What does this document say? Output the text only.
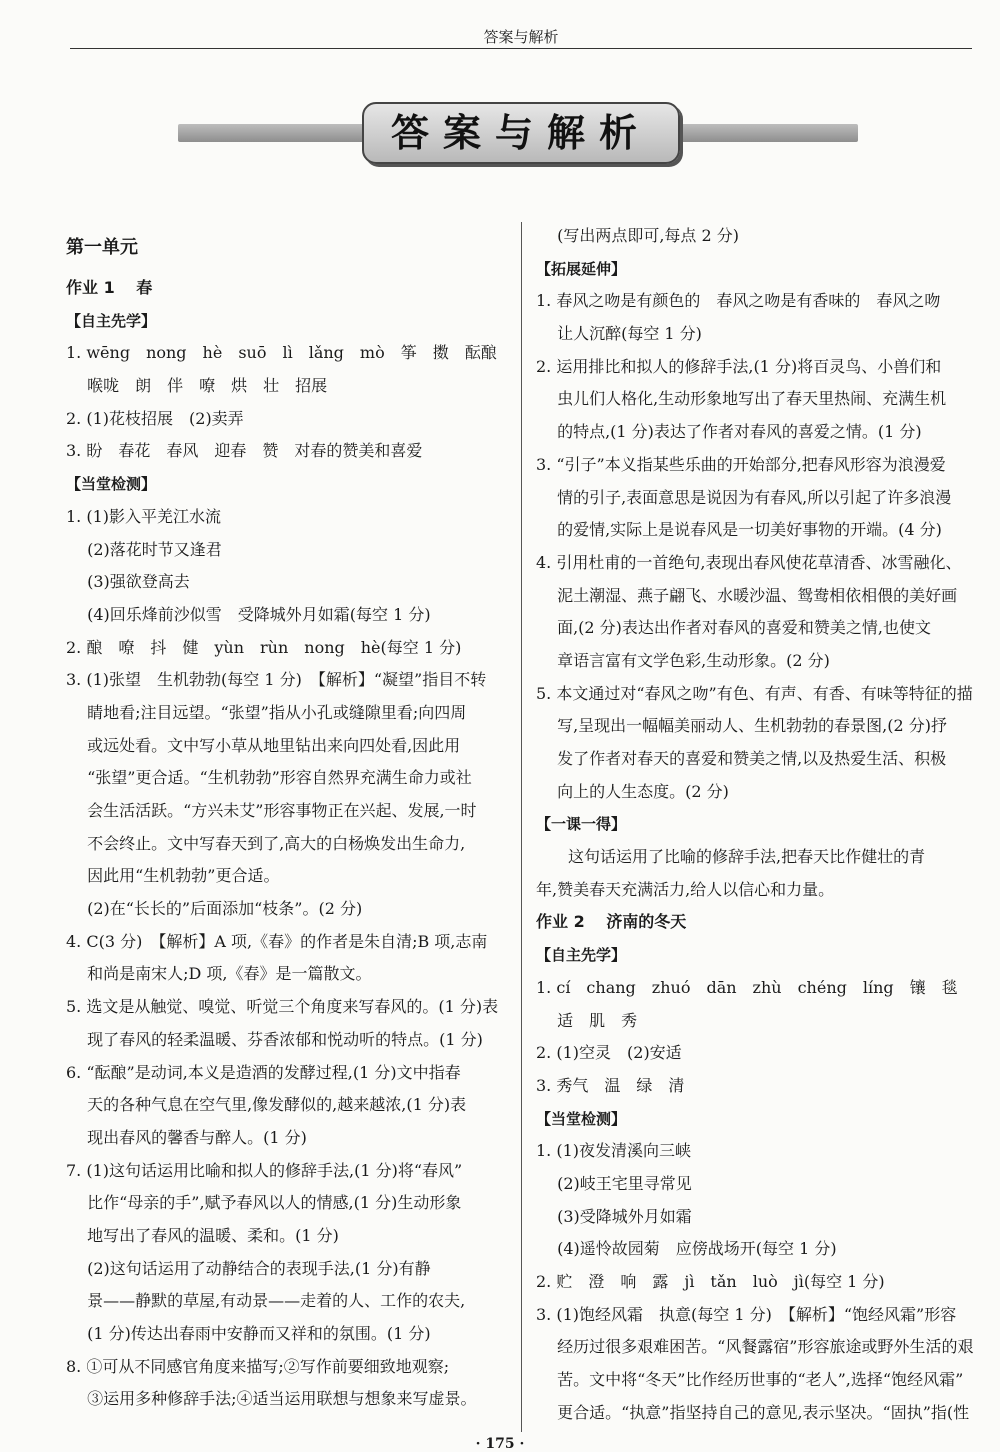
答案与解析
答案与解析
第一单元
作业 1　 春
【自主先学】
1. wēng　nong　hè　suō　lì　lǎng　mò　筝　擞　酝酿
　 喉咙　朗　伴　嘹　烘　壮　招展
2. (1)花枝招展　(2)卖弄
3. 盼　春花　春风　迎春　赞　对春的赞美和喜爱
【当堂检测】
1. (1)影入平羌江水流
　 (2)落花时节又逢君
　 (3)强欲登高去
　 (4)回乐烽前沙似雪　受降城外月如霜(每空 1 分)
2. 酿　嘹　抖　健　yùn　rùn　nong　hè(每空 1 分)
3. (1)张望　生机勃勃(每空 1 分)　【解析】“凝望”指目不转
　 睛地看;注目远望。“张望”指从小孔或缝隙里看;向四周
　 或远处看。文中写小草从地里钻出来向四处看,因此用
　 “张望”更合适。“生机勃勃”形容自然界充满生命力或社
　 会生活活跃。“方兴未艾”形容事物正在兴起、发展,一时
　 不会终止。文中写春天到了,高大的白杨焕发出生命力,
　 因此用“生机勃勃”更合适。
　 (2)在“长长的”后面添加“枝条”。(2 分)
4. C(3 分)　【解析】A 项,《春》的作者是朱自清;B 项,志南
　 和尚是南宋人;D 项,《春》是一篇散文。
5. 选文是从触觉、嗅觉、听觉三个角度来写春风的。(1 分)表
　 现了春风的轻柔温暖、芬香浓郁和悦动听的特点。(1 分)
6. “酝酿”是动词,本义是造酒的发酵过程,(1 分)文中指春
　 天的各种气息在空气里,像发酵似的,越来越浓,(1 分)表
　 现出春风的馨香与醉人。(1 分)
7. (1)这句话运用比喻和拟人的修辞手法,(1 分)将“春风”
　 比作“母亲的手”,赋予春风以人的情感,(1 分)生动形象
　 地写出了春风的温暖、柔和。(1 分)
　 (2)这句话运用了动静结合的表现手法,(1 分)有静
　 景——静默的草屋,有动景——走着的人、工作的农夫,
　 (1 分)传达出春雨中安静而又祥和的氛围。(1 分)
8. ①可从不同感官角度来描写;②写作前要细致地观察;
　 ③运用多种修辞手法;④适当运用联想与想象来写虚景。
　 (写出两点即可,每点 2 分)
【拓展延伸】
1. 春风之吻是有颜色的　春风之吻是有香味的　春风之吻
　 让人沉醉(每空 1 分)
2. 运用排比和拟人的修辞手法,(1 分)将百灵鸟、小兽们和
　 虫儿们人格化,生动形象地写出了春天里热闹、充满生机
　 的特点,(1 分)表达了作者对春风的喜爱之情。(1 分)
3. “引子”本义指某些乐曲的开始部分,把春风形容为浪漫爱
　 情的引子,表面意思是说因为有春风,所以引起了许多浪漫
　 的爱情,实际上是说春风是一切美好事物的开端。(4 分)
4. 引用杜甫的一首绝句,表现出春风使花草清香、冰雪融化、
　 泥土潮湿、燕子翩飞、水暖沙温、鸳鸯相依相偎的美好画
　 面,(2 分)表达出作者对春风的喜爱和赞美之情,也使文
　 章语言富有文学色彩,生动形象。(2 分)
5. 本文通过对“春风之吻”有色、有声、有香、有味等特征的描
　 写,呈现出一幅幅美丽动人、生机勃勃的春景图,(2 分)抒
　 发了作者对春天的喜爱和赞美之情,以及热爱生活、积极
　 向上的人生态度。(2 分)
【一课一得】
　　这句话运用了比喻的修辞手法,把春天比作健壮的青
年,赞美春天充满活力,给人以信心和力量。
作业 2　 济南的冬天
【自主先学】
1. cí　chang　zhuó　dān　zhù　chéng　líng　镶　毯
　 适　肌　秀
2. (1)空灵　(2)安适
3. 秀气　温　绿　清
【当堂检测】
1. (1)夜发清溪向三峡
　 (2)岐王宅里寻常见
　 (3)受降城外月如霜
　 (4)遥怜故园菊　应傍战场开(每空 1 分)
2. 贮　澄　响　露　jì　tǎn　luò　jì(每空 1 分)
3. (1)饱经风霜　执意(每空 1 分)　【解析】“饱经风霜”形容
　 经历过很多艰难困苦。“风餐露宿”形容旅途或野外生活的艰
　 苦。文中将“冬天”比作经历世事的“老人”,选择“饱经风霜”
　 更合适。“执意”指坚持自己的意见,表示坚决。“固执”指(性
· 175 ·
